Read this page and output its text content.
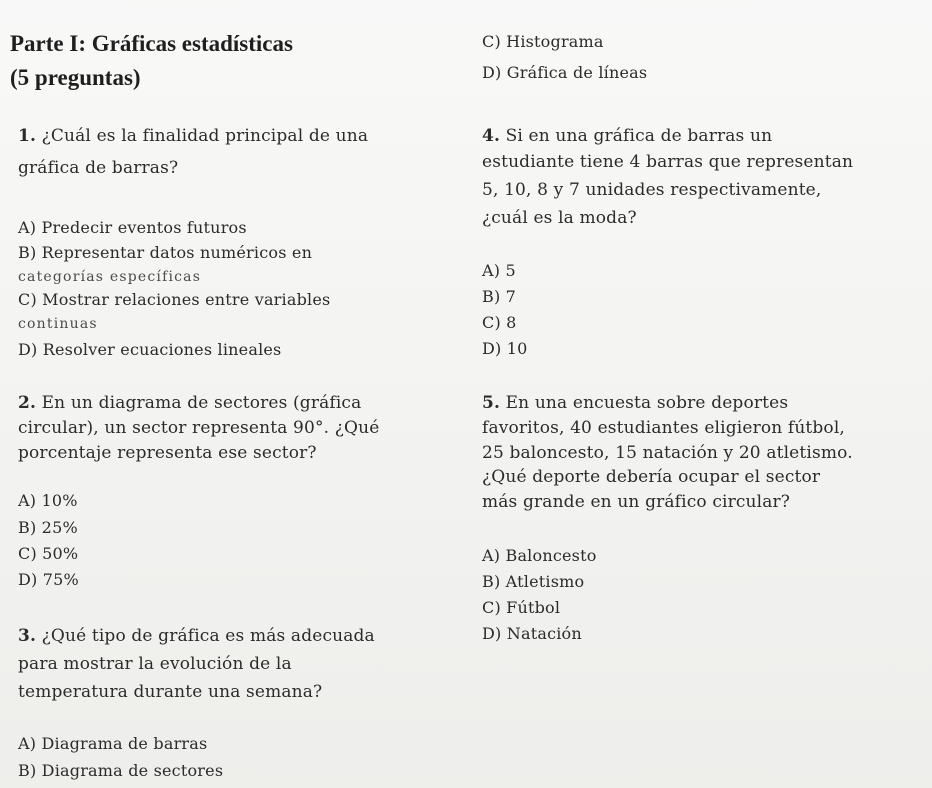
Parte I: Gráficas estadísticas
(5 preguntas)
1. ¿Cuál es la finalidad principal de una
gráfica de barras?
A) Predecir eventos futuros
B) Representar datos numéricos en
categorías específicas
C) Mostrar relaciones entre variables
continuas
D) Resolver ecuaciones lineales
2. En un diagrama de sectores (gráfica
circular), un sector representa 90°. ¿Qué
porcentaje representa ese sector?
A) 10%
B) 25%
C) 50%
D) 75%
3. ¿Qué tipo de gráfica es más adecuada
para mostrar la evolución de la
temperatura durante una semana?
A) Diagrama de barras
B) Diagrama de sectores
C) Histograma
D) Gráfica de líneas
4. Si en una gráfica de barras un
estudiante tiene 4 barras que representan
5, 10, 8 y 7 unidades respectivamente,
¿cuál es la moda?
A) 5
B) 7
C) 8
D) 10
5. En una encuesta sobre deportes
favoritos, 40 estudiantes eligieron fútbol,
25 baloncesto, 15 natación y 20 atletismo.
¿Qué deporte debería ocupar el sector
más grande en un gráfico circular?
A) Baloncesto
B) Atletismo
C) Fútbol
D) Natación
